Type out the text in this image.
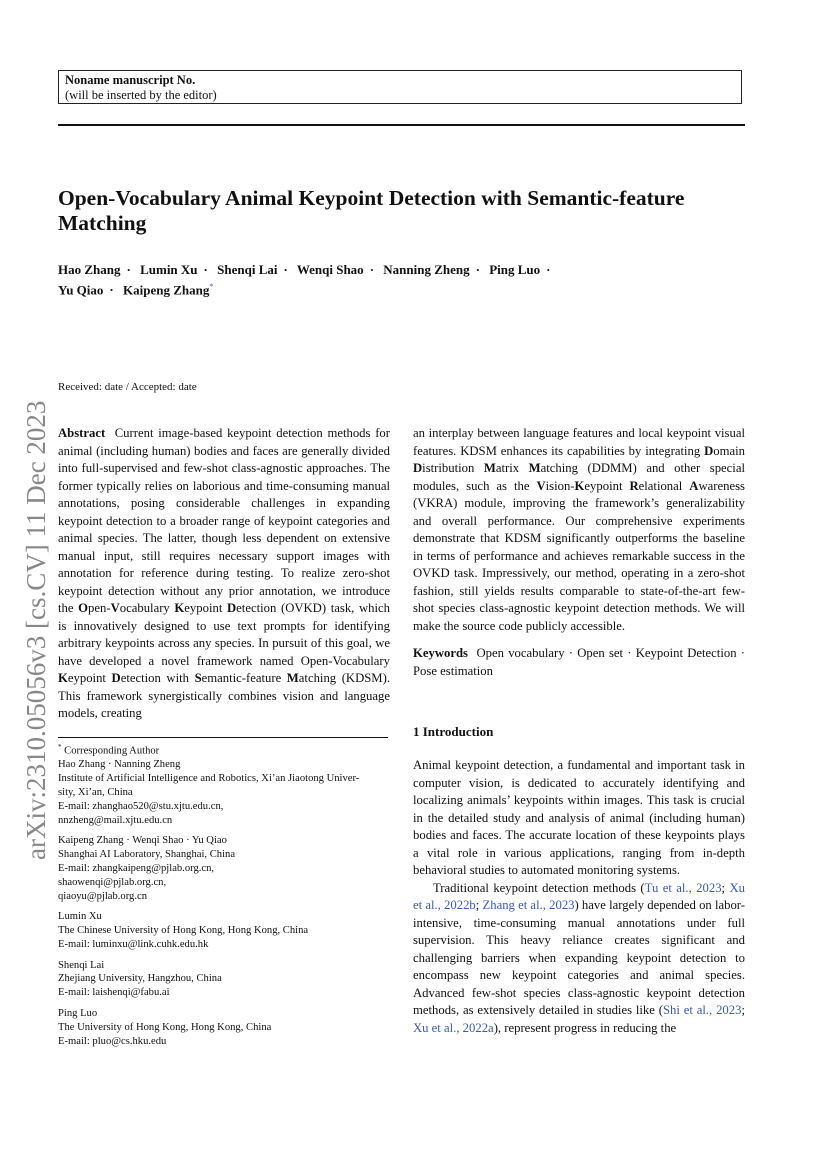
Noname manuscript No.
(will be inserted by the editor)
arXiv:2310.05056v3 [cs.CV] 11 Dec 2023
Open-Vocabulary Animal Keypoint Detection with Semantic-feature Matching
Hao Zhang · Lumin Xu · Shenqi Lai · Wenqi Shao · Nanning Zheng · Ping Luo ·
Yu Qiao · Kaipeng Zhang*
Received: date / Accepted: date

Abstract Current image-based keypoint detection methods for animal (including human) bodies and faces are generally divided into full-supervised and few-shot class-agnostic approaches. The former typically relies on laborious and time-consuming manual annotations, posing considerable challenges in expanding keypoint detection to a broader range of keypoint categories and animal species. The latter, though less dependent on extensive manual input, still requires necessary support images with annotation for reference during testing. To realize zero-shot keypoint detection without any prior annotation, we introduce the Open-Vocabulary Keypoint Detection (OVKD) task, which is innovatively designed to use text prompts for identifying arbitrary keypoints across any species. In pursuit of this goal, we have developed a novel framework named Open-Vocabulary Keypoint Detection with Semantic-feature Matching (KDSM). This framework synergistically combines vision and language models, creating

an interplay between language features and local keypoint visual features. KDSM enhances its capabilities by integrating Domain Distribution Matrix Matching (DDMM) and other special modules, such as the Vision-Keypoint Relational Awareness (VKRA) module, improving the framework’s generalizability and overall performance. Our comprehensive experiments demonstrate that KDSM significantly outperforms the baseline in terms of performance and achieves remarkable success in the OVKD task. Impressively, our method, operating in a zero-shot fashion, still yields results comparable to state-of-the-art few-shot species class-agnostic keypoint detection methods. We will make the source code publicly accessible.

Keywords Open vocabulary · Open set · Keypoint Detection · Pose estimation

1 Introduction

Animal keypoint detection, a fundamental and important task in computer vision, is dedicated to accurately identifying and localizing animals’ keypoints within images. This task is crucial in the detailed study and analysis of animal (including human) bodies and faces. The accurate location of these keypoints plays a vital role in various applications, ranging from in-depth behavioral studies to automated monitoring systems.

Traditional keypoint detection methods (Tu et al., 2023; Xu et al., 2022b; Zhang et al., 2023) have largely depended on labor-intensive, time-consuming manual annotations under full supervision. This heavy reliance creates significant and challenging barriers when expanding keypoint detection to encompass new keypoint categories and animal species. Advanced few-shot species class-agnostic keypoint detection methods, as extensively detailed in studies like (Shi et al., 2023; Xu et al., 2022a), represent progress in reducing the

* Corresponding Author
Hao Zhang · Nanning Zheng
Institute of Artificial Intelligence and Robotics, Xi’an Jiaotong Univer-
sity, Xi’an, China
E-mail: zhanghao520@stu.xjtu.edu.cn,
nnzheng@mail.xjtu.edu.cn
Kaipeng Zhang · Wenqi Shao · Yu Qiao
Shanghai AI Laboratory, Shanghai, China
E-mail: zhangkaipeng@pjlab.org.cn,
shaowenqi@pjlab.org.cn,
qiaoyu@pjlab.org.cn
Lumin Xu
The Chinese University of Hong Kong, Hong Kong, China
E-mail: luminxu@link.cuhk.edu.hk
Shenqi Lai
Zhejiang University, Hangzhou, China
E-mail: laishenqi@fabu.ai
Ping Luo
The University of Hong Kong, Hong Kong, China
E-mail: pluo@cs.hku.edu
